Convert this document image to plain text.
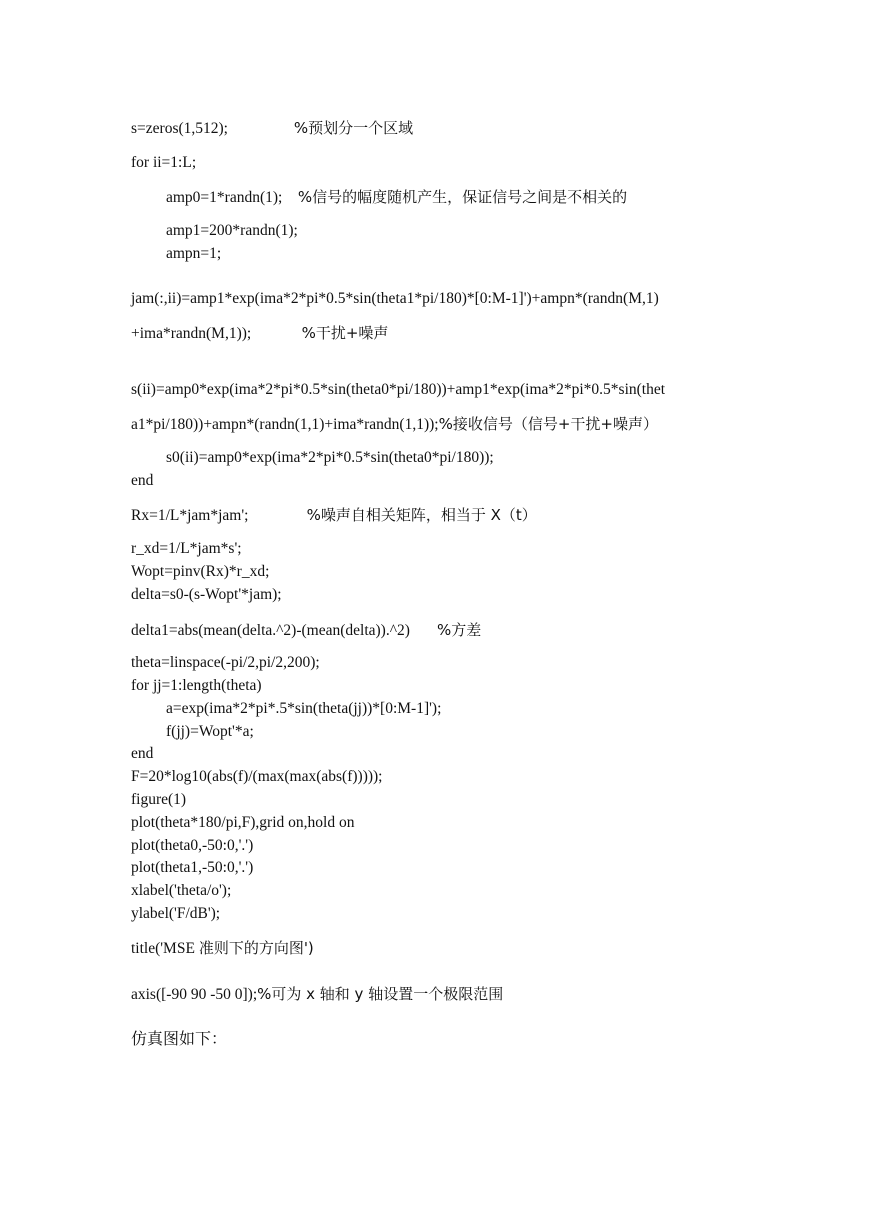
s=zeros(1,512);	%预划分一个区域
for ii=1:L;
amp0=1*randn(1); %信号的幅度随机产生，保证信号之间是不相关的
amp1=200*randn(1);
ampn=1;
jam(:,ii)=amp1*exp(ima*2*pi*0.5*sin(theta1*pi/180)*[0:M-1]')+ampn*(randn(M,1)
+ima*randn(M,1));	%干扰+噪声
s(ii)=amp0*exp(ima*2*pi*0.5*sin(theta0*pi/180))+amp1*exp(ima*2*pi*0.5*sin(thet
a1*pi/180))+ampn*(randn(1,1)+ima*randn(1,1));%接收信号（信号+干扰+噪声）
s0(ii)=amp0*exp(ima*2*pi*0.5*sin(theta0*pi/180));
end
Rx=1/L*jam*jam';	%噪声自相关矩阵，相当于 X（t）
r_xd=1/L*jam*s';
Wopt=pinv(Rx)*r_xd;
delta=s0-(s-Wopt'*jam);
delta1=abs(mean(delta.^2)-(mean(delta)).^2) %方差
theta=linspace(-pi/2,pi/2,200);
for jj=1:length(theta)
a=exp(ima*2*pi*.5*sin(theta(jj))*[0:M-1]');
f(jj)=Wopt'*a;
end
F=20*log10(abs(f)/(max(max(abs(f)))));
figure(1)
plot(theta*180/pi,F),grid on,hold on
plot(theta0,-50:0,'.')
plot(theta1,-50:0,'.')
xlabel('theta/o');
ylabel('F/dB');
title('MSE 准则下的方向图')
axis([-90 90 -50 0]);%可为 x 轴和 y 轴设置一个极限范围
仿真图如下：
